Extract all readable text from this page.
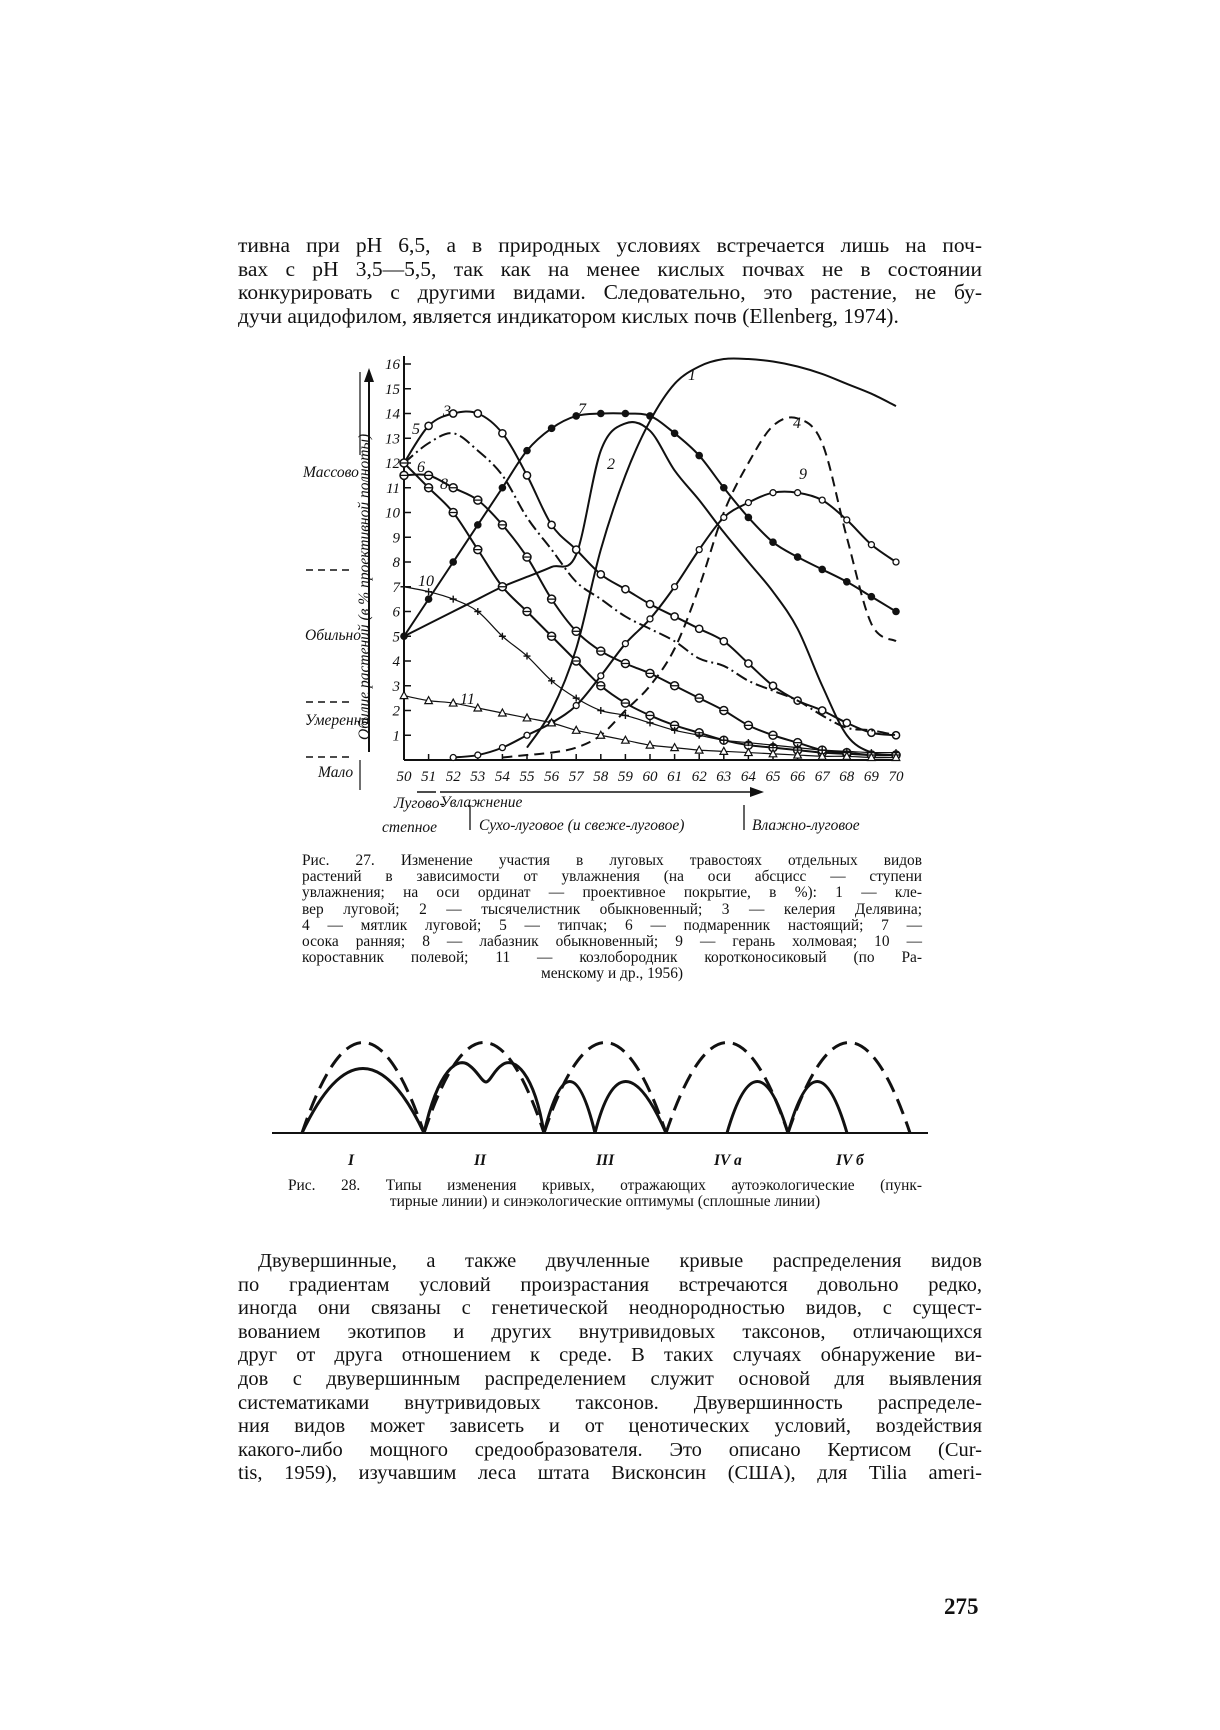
тивна при pH 6,5, а в природных условиях встречается лишь на поч-
вах с pH 3,5—5,5, так как на менее кислых почвах не в состоянии
конкурировать с другими видами. Следовательно, это растение, не бу-
дучи ацидофилом, является индикатором кислых почв (Ellenberg, 1974).
Обилие растений (в % проективной полноты)
Массово
Обильно
Умеренно
Мало
Увлажнение
Лугово-
степное	Сухо-луговое (и свеже-луговое)	Влажно-луговое
1
2
3
4
5
6
7
8
9
10
11
12
13
14
15
16
50 51 52 53 54 55 56 57 58 59 60 61 62 63 64 65 66 67 68 69 70
1
2
3
4
5
6
7
8
9
10
11
I	II	III	IV a	IV б
Рис. 27. Изменение участия в луговых травостоях отдельных видов
растений в зависимости от увлажнения (на оси абсцисс — ступени
увлажнения; на оси ординат — проективное покрытие, в %): 1 — кле-
вер луговой; 2 — тысячелистник обыкновенный; 3 — келерия Делявина;
4 — мятлик луговой; 5 — типчак; 6 — подмаренник настоящий; 7 —
осока ранняя; 8 — лабазник обыкновенный; 9 — герань холмовая; 10 —
короставник полевой; 11 — козлобородник коротконосиковый (по Ра-
менскому и др., 1956)
Рис. 28. Типы изменения кривых, отражающих аутоэкологические (пунк-
тирные линии) и синэкологические оптимумы (сплошные линии)
Двувершинные, а также двучленные кривые распределения видов
по градиентам условий произрастания встречаются довольно редко,
иногда они связаны с генетической неоднородностью видов, с сущест-
вованием экотипов и других внутривидовых таксонов, отличающихся
друг от друга отношением к среде. В таких случаях обнаружение ви-
дов с двувершинным распределением служит основой для выявления
систематиками внутривидовых таксонов. Двувершинность распределе-
ния видов может зависеть и от ценотических условий, воздействия
какого-либо мощного средообразователя. Это описано Кертисом (Cur-
tis, 1959), изучавшим леса штата Висконсин (США), для Tilia ameri-
275
